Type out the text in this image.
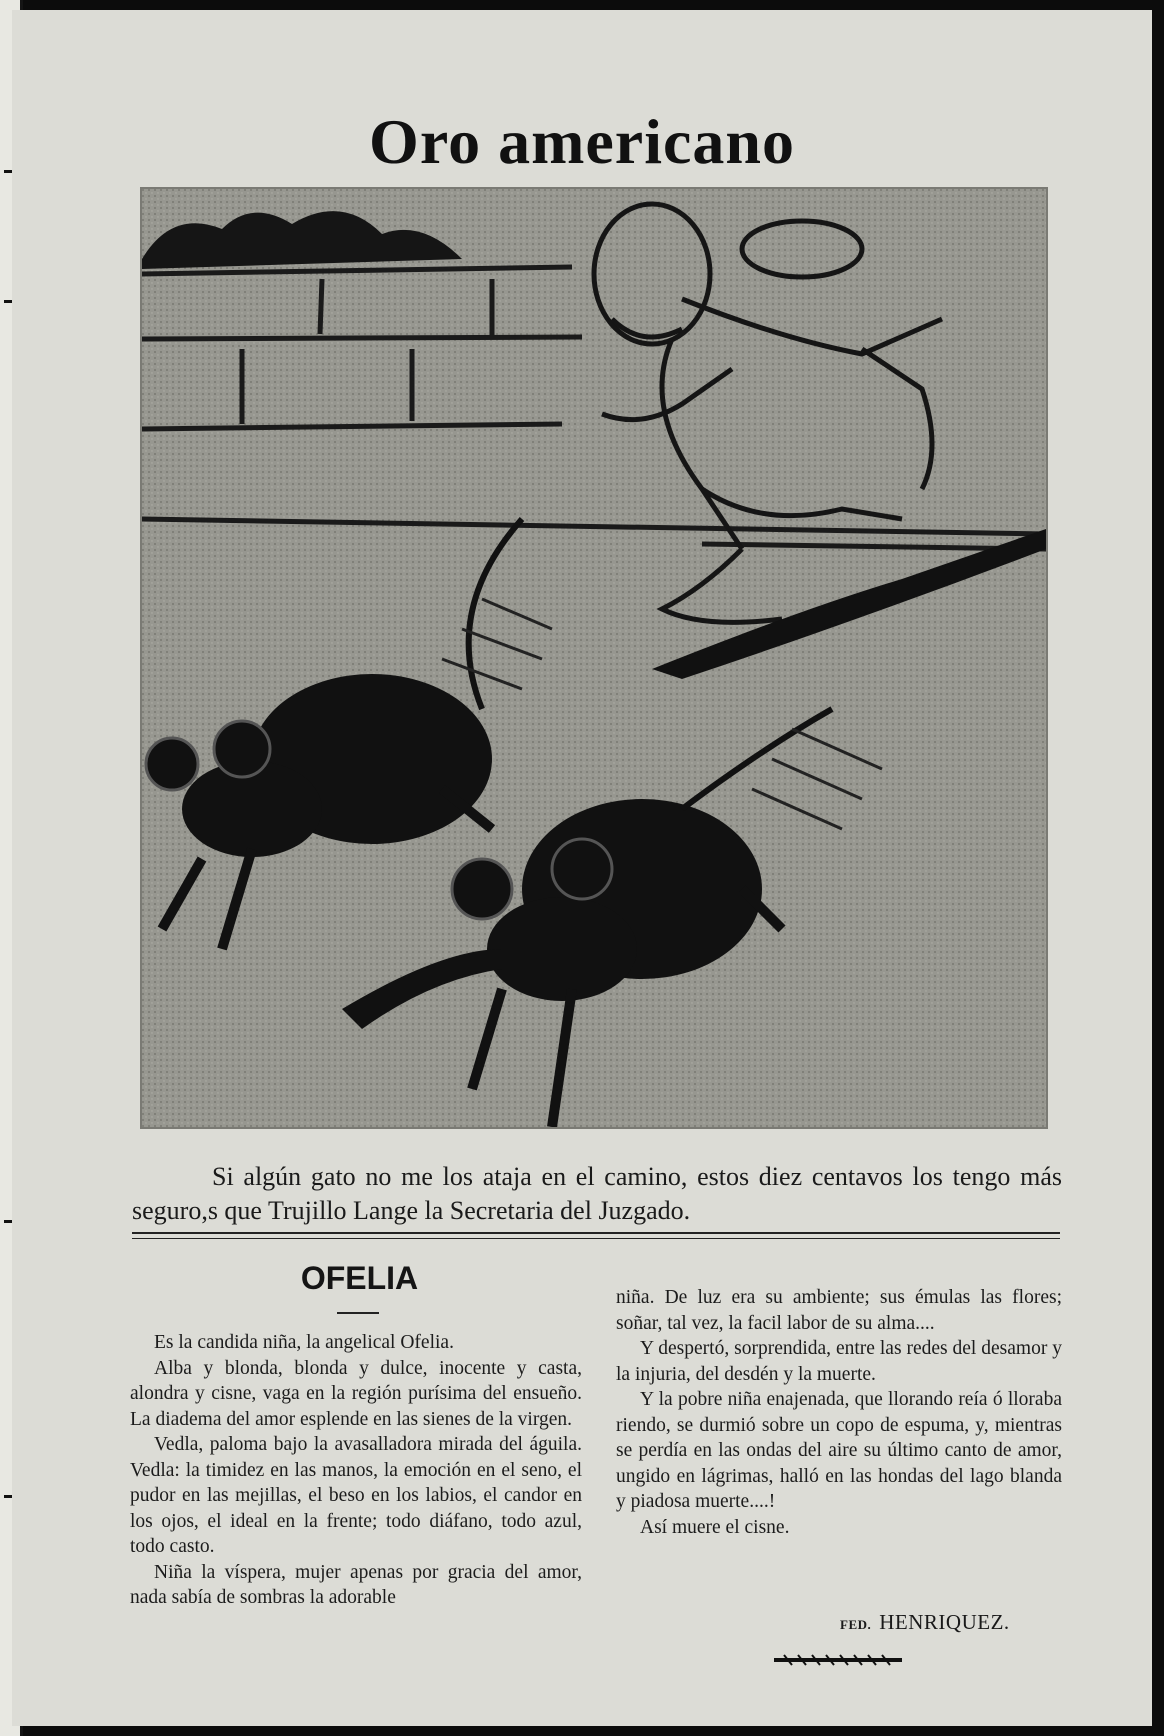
Oro americano
Si algún gato no me los ataja en el camino, estos diez centavos los tengo más seguro,s que Trujillo Lange la Secretaria del Juzgado.
OFELIA

Es la candida niña, la angelical Ofelia.

Alba y blonda, blonda y dulce, inocente y casta, alondra y cisne, vaga en la región purísima del ensueño. La diadema del amor esplende en las sienes de la virgen.

Vedla, paloma bajo la avasalladora mirada del águila. Vedla: la timidez en las manos, la emoción en el seno, el pudor en las mejillas, el beso en los labios, el candor en los ojos, el ideal en la frente; todo diáfano, todo azul, todo casto.

Niña la víspera, mujer apenas por gracia del amor, nada sabía de sombras la adorable

niña. De luz era su ambiente; sus émulas las flores; soñar, tal vez, la facil labor de su alma....

Y despertó, sorprendida, entre las redes del desamor y la injuria, del desdén y la muerte.

Y la pobre niña enajenada, que llorando reía ó lloraba riendo, se durmió sobre un copo de espuma, y, mientras se perdía en las ondas del aire su último canto de amor, ungido en lágrimas, halló en las hondas del lago blanda y piadosa muerte....!

Así muere el cisne.

FED. HENRIQUEZ.
